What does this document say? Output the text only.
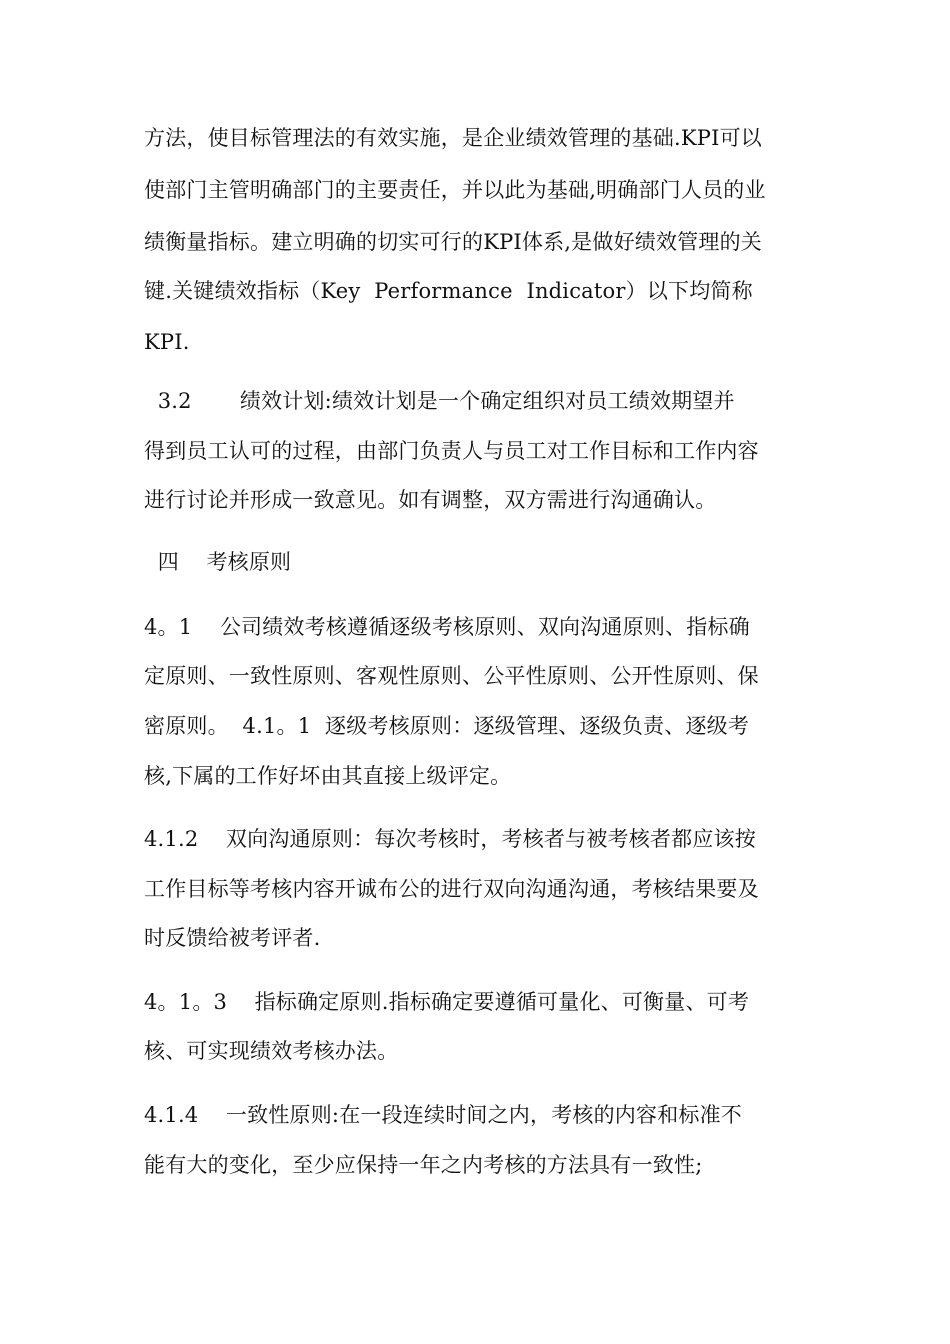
方法，使目标管理法的有效实施，是企业绩效管理的基础.KPI可以
使部门主管明确部门的主要责任，并以此为基础,明确部门人员的业
绩衡量指标。建立明确的切实可行的KPI体系,是做好绩效管理的关
键.关键绩效指标（Key  Performance  Indicator）以下均简称
KPI.
3.2       绩效计划:绩效计划是一个确定组织对员工绩效期望并
得到员工认可的过程，由部门负责人与员工对工作目标和工作内容
进行讨论并形成一致意见。如有调整，双方需进行沟通确认。
四    考核原则
4。1    公司绩效考核遵循逐级考核原则、双向沟通原则、指标确
定原则、一致性原则、客观性原则、公平性原则、公开性原则、保
密原则。  4.1。1  逐级考核原则：逐级管理、逐级负责、逐级考
核,下属的工作好坏由其直接上级评定。
4.1.2    双向沟通原则：每次考核时，考核者与被考核者都应该按
工作目标等考核内容开诚布公的进行双向沟通沟通，考核结果要及
时反馈给被考评者.
4。1。3    指标确定原则.指标确定要遵循可量化、可衡量、可考
核、可实现绩效考核办法。
4.1.4    一致性原则:在一段连续时间之内，考核的内容和标准不
能有大的变化，至少应保持一年之内考核的方法具有一致性;
